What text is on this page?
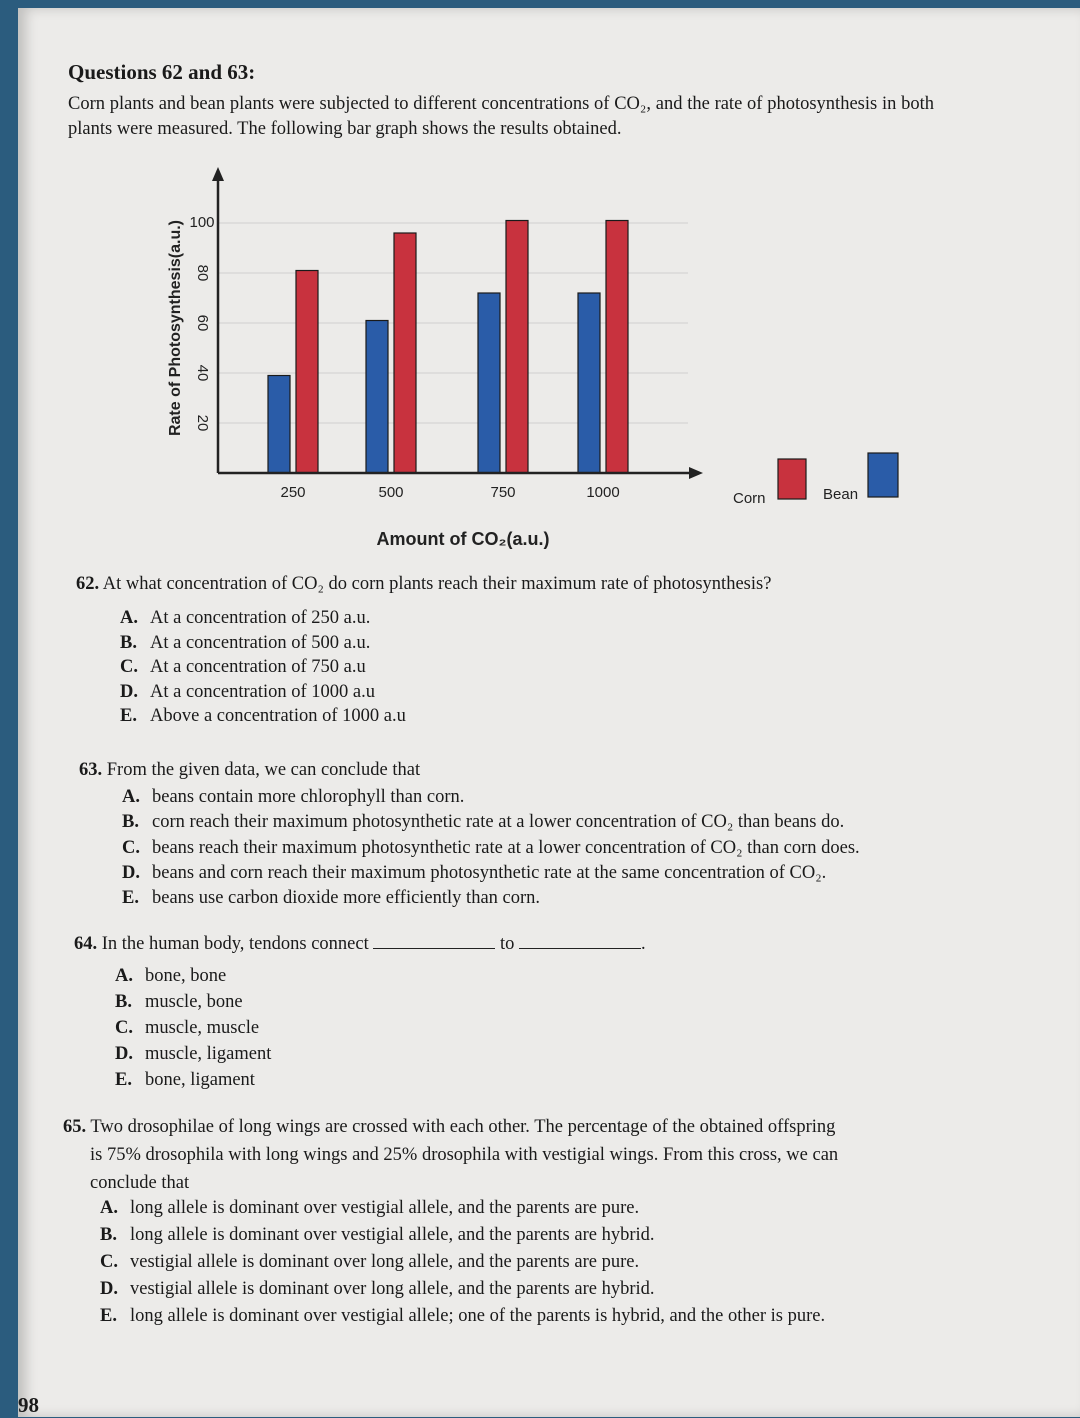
Questions 62 and 63:
Corn plants and bean plants were subjected to different concentrations of CO₂, and the rate of photosynthesis in both plants were measured. The following bar graph shows the results obtained.
20
40
60
80
100
250	500	750	1000
Rate of Photosynthesis(a.u.)
Amount of CO₂(a.u.)
Corn	Bean
62. At what concentration of CO₂ do corn plants reach their maximum rate of photosynthesis?
A. At a concentration of 250 a.u.
B. At a concentration of 500 a.u.
C. At a concentration of 750 a.u
D. At a concentration of 1000 a.u
E. Above a concentration of 1000 a.u
63. From the given data, we can conclude that
A. beans contain more chlorophyll than corn.
B. corn reach their maximum photosynthetic rate at a lower concentration of CO₂ than beans do.
C. beans reach their maximum photosynthetic rate at a lower concentration of CO₂ than corn does.
D. beans and corn reach their maximum photosynthetic rate at the same concentration of CO₂.
E. beans use carbon dioxide more efficiently than corn.
64. In the human body, tendons connect	to	.
A. bone, bone
B. muscle, bone
C. muscle, muscle
D. muscle, ligament
E. bone, ligament
65. Two drosophilae of long wings are crossed with each other. The percentage of the obtained offspring
is 75% drosophila with long wings and 25% drosophila with vestigial wings. From this cross, we can
conclude that
A. long allele is dominant over vestigial allele, and the parents are pure.
B. long allele is dominant over vestigial allele, and the parents are hybrid.
C. vestigial allele is dominant over long allele, and the parents are pure.
D. vestigial allele is dominant over long allele, and the parents are hybrid.
E. long allele is dominant over vestigial allele; one of the parents is hybrid, and the other is pure.
98
